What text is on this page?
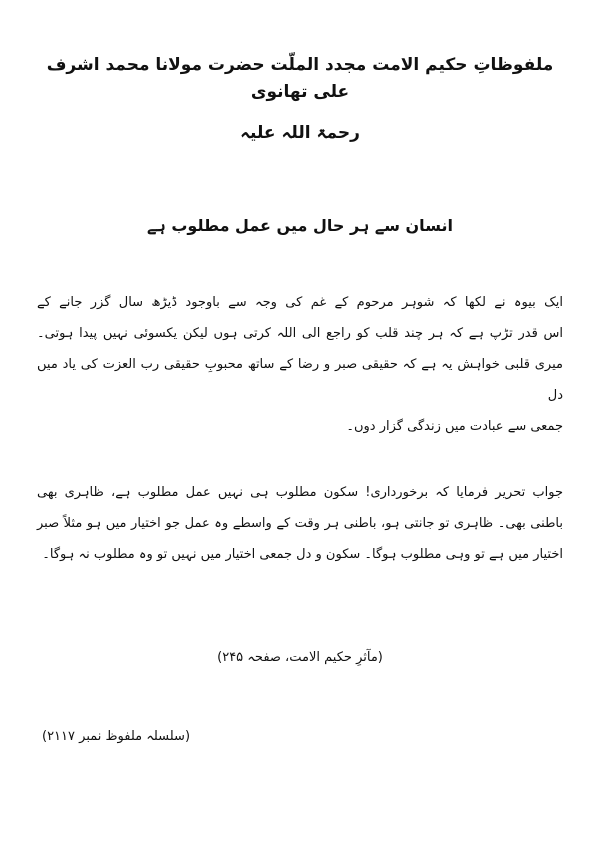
ملفوظاتِ حکیم الامت مجدد الملّت حضرت مولانا محمد اشرف علی تھانوی
رحمۃ اللہ علیہ
انسان سے ہر حال میں عمل مطلوب ہے
ایک بیوہ نے لکھا کہ شوہر مرحوم کے غم کی وجہ سے باوجود ڈیڑھ سال گزر جانے کے
اس قدر تڑپ ہے کہ ہر چند قلب کو راجع الی اللہ کرتی ہوں لیکن یکسوئی نہیں پیدا ہوتی۔
میری قلبی خواہش یہ ہے کہ حقیقی صبر و رضا کے ساتھ محبوبِ حقیقی رب العزت کی یاد میں دل
جمعی سے عبادت میں زندگی گزار دوں۔
جواب تحریر فرمایا کہ برخورداری! سکون مطلوب ہی نہیں عمل مطلوب ہے، ظاہری بھی
باطنی بھی۔ ظاہری تو جانتی ہو، باطنی ہر وقت کے واسطے وہ عمل جو اختیار میں ہو مثلاً صبر
اختیار میں ہے تو وہی مطلوب ہوگا۔ سکون و دل جمعی اختیار میں نہیں تو وہ مطلوب نہ ہوگا۔
(مآثرِ حکیم الامت، صفحہ ۲۴۵)
(سلسلہ ملفوظ نمبر ۲۱۱۷)
